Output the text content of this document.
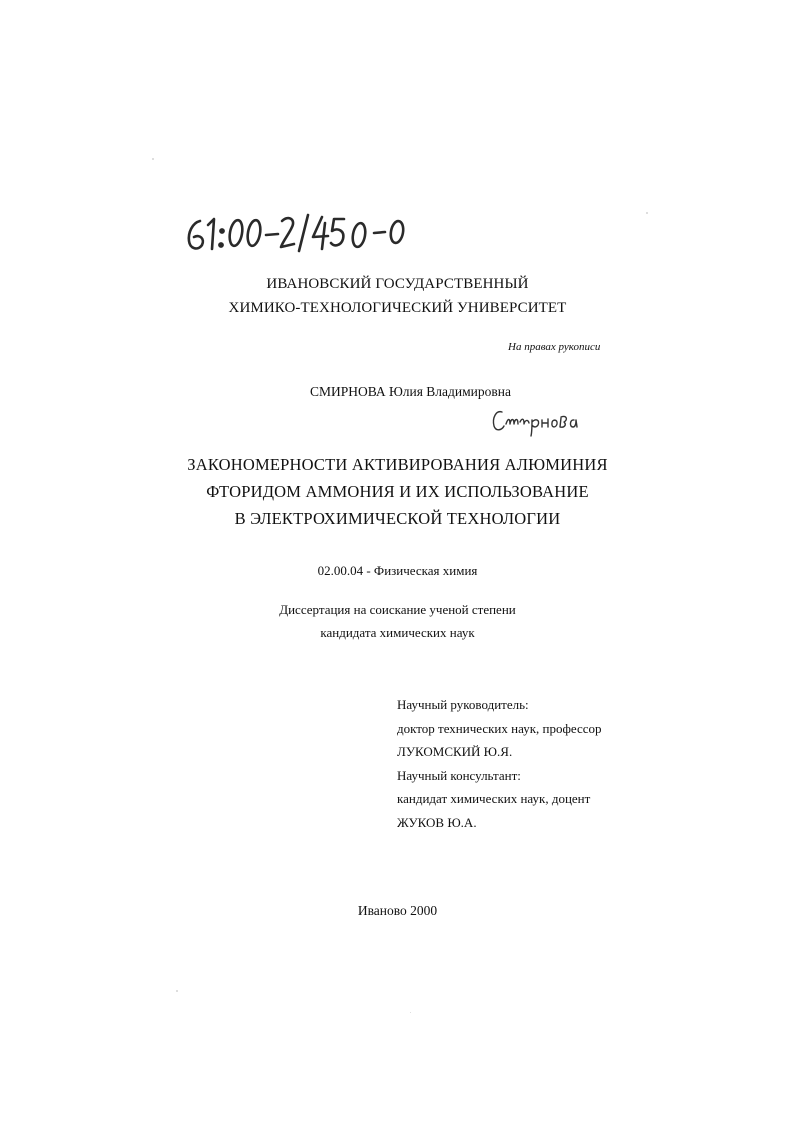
ИВАНОВСКИЙ ГОСУДАРСТВЕННЫЙ
ХИМИКО-ТЕХНОЛОГИЧЕСКИЙ УНИВЕРСИТЕТ
На правах рукописи
СМИРНОВА Юлия Владимировна
ЗАКОНОМЕРНОСТИ АКТИВИРОВАНИЯ АЛЮМИНИЯ
ФТОРИДОМ АММОНИЯ И ИХ ИСПОЛЬЗОВАНИЕ
В ЭЛЕКТРОХИМИЧЕСКОЙ ТЕХНОЛОГИИ
02.00.04 - Физическая химия
Диссертация на соискание ученой степени
кандидата химических наук
Научный руководитель:
доктор технических наук, профессор
ЛУКОМСКИЙ Ю.Я.
Научный консультант:
кандидат химических наук, доцент
ЖУКОВ Ю.А.
Иваново 2000
